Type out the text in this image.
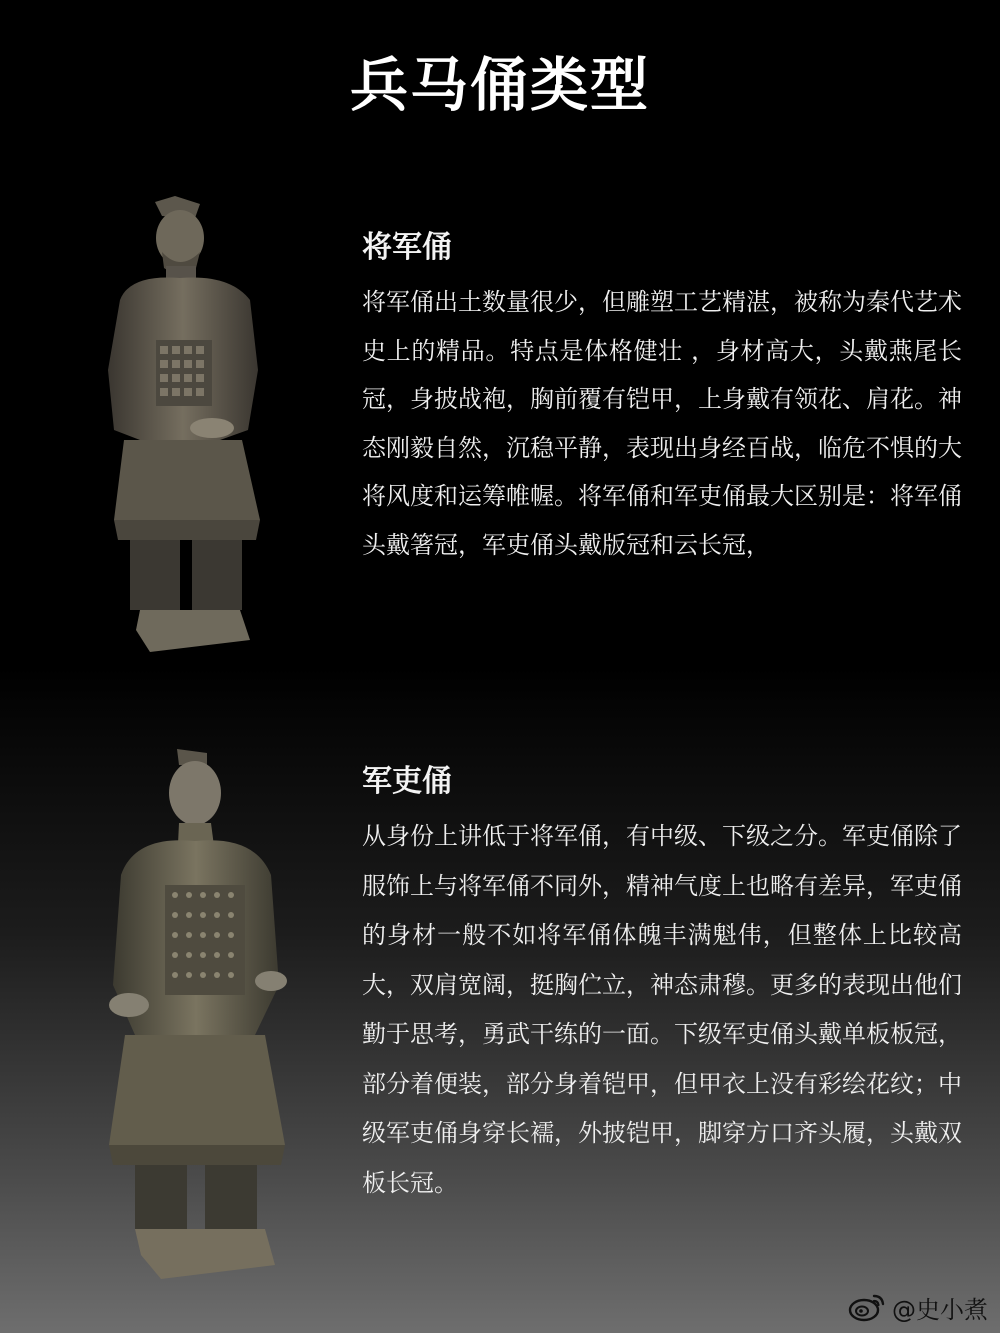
兵马俑类型
将军俑
将军俑出土数量很少，但雕塑工艺精湛，被称为秦代艺术史上的精品。特点是体格健壮 ，身材高大，头戴燕尾长冠，身披战袍，胸前覆有铠甲，上身戴有领花、肩花。神态刚毅自然，沉稳平静，表现出身经百战，临危不惧的大将风度和运筹帷幄。将军俑和军吏俑最大区别是：将军俑头戴箸冠，军吏俑头戴版冠和云长冠，
军吏俑
从身份上讲低于将军俑，有中级、下级之分。军吏俑除了服饰上与将军俑不同外，精神气度上也略有差异，军吏俑的身材一般不如将军俑体魄丰满魁伟，但整体上比较高大，双肩宽阔，挺胸伫立，神态肃穆。更多的表现出他们勤于思考，勇武干练的一面。下级军吏俑头戴单板板冠，部分着便装，部分身着铠甲，但甲衣上没有彩绘花纹；中级军吏俑身穿长襦，外披铠甲，脚穿方口齐头履，头戴双板长冠。
@史小煮
